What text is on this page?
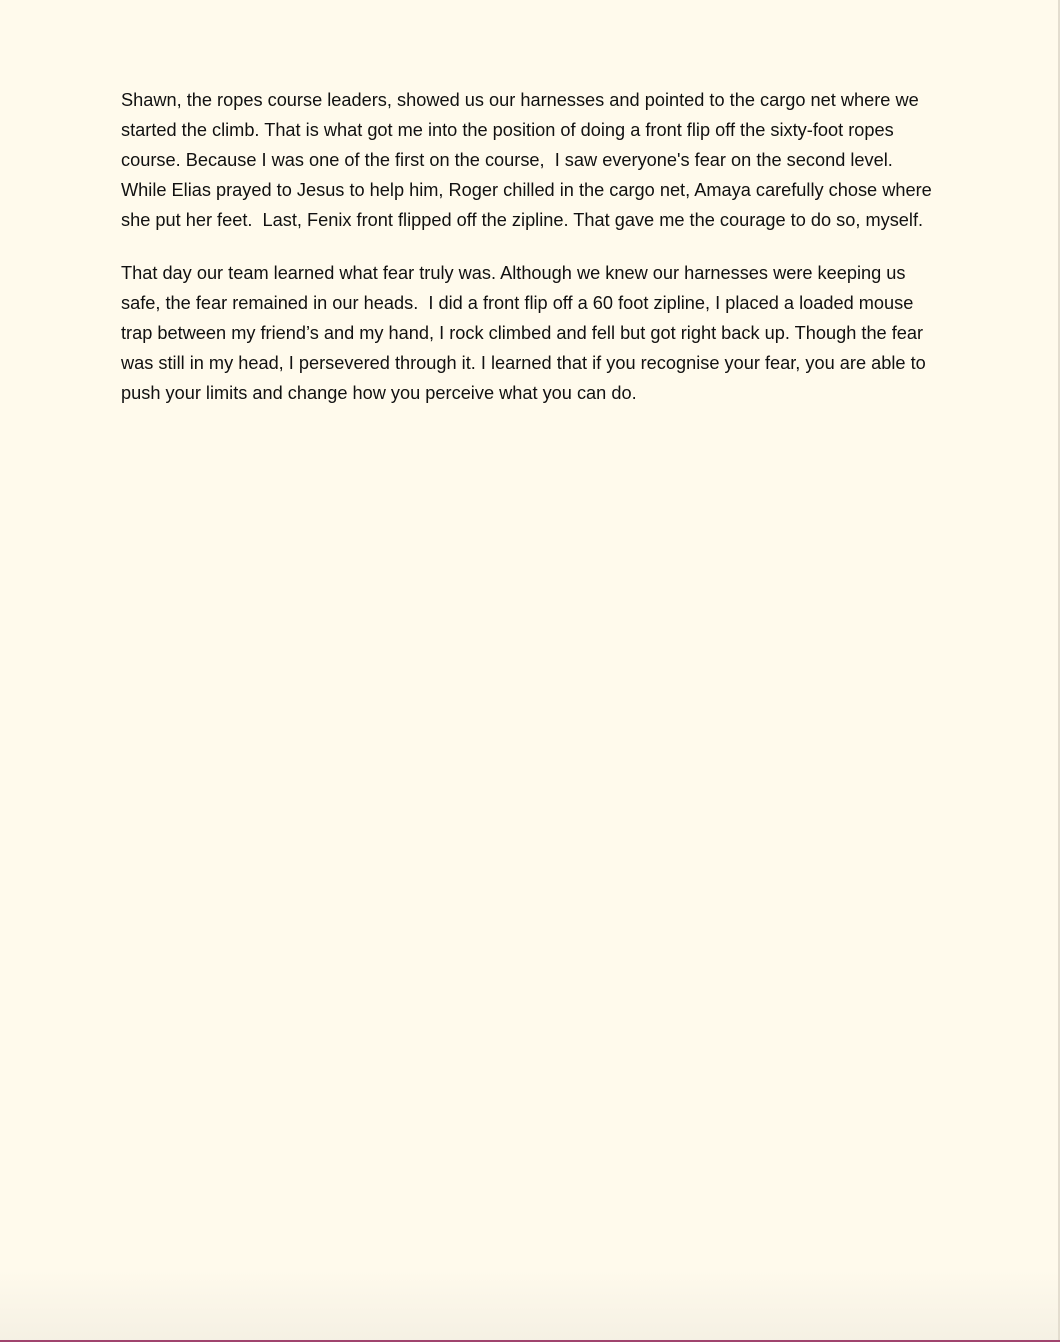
Shawn, the ropes course leaders, showed us our harnesses and pointed to the cargo net where we started the climb. That is what got me into the position of doing a front flip off the sixty-foot ropes course. Because I was one of the first on the course,  I saw everyone's fear on the second level. While Elias prayed to Jesus to help him, Roger chilled in the cargo net, Amaya carefully chose where she put her feet.  Last, Fenix front flipped off the zipline. That gave me the courage to do so, myself.

That day our team learned what fear truly was. Although we knew our harnesses were keeping us safe, the fear remained in our heads.  I did a front flip off a 60 foot zipline, I placed a loaded mouse trap between my friend’s and my hand, I rock climbed and fell but got right back up. Though the fear was still in my head, I persevered through it. I learned that if you recognise your fear, you are able to push your limits and change how you perceive what you can do.
